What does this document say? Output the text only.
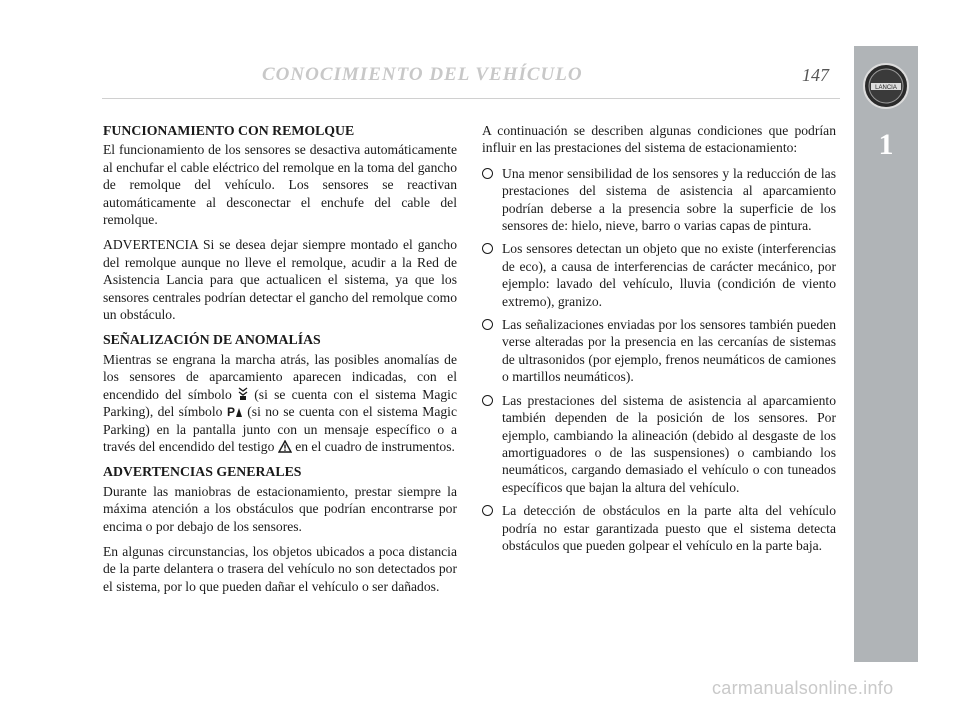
CONOCIMIENTO DEL VEHÍCULO	147
LANCIA
1
FUNCIONAMIENTO CON REMOLQUE

El funcionamiento de los sensores se desactiva automáticamente al enchufar el cable eléctrico del remolque en la toma del gancho de remolque del vehículo. Los sensores se reactivan automáticamente al desconectar el enchufe del cable del remolque.

ADVERTENCIA Si se desea dejar siempre montado el gancho del remolque aunque no lleve el remolque, acudir a la Red de Asistencia Lancia para que actualicen el sistema, ya que los sensores centrales podrían detectar el gancho del remolque como un obstáculo.

SEÑALIZACIÓN DE ANOMALÍAS

Mientras se engrana la marcha atrás, las posibles anomalías de los sensores de aparcamiento aparecen indicadas, con el encendido del símbolo (si se cuenta con el sistema Magic Parking), del símbolo P (si no se cuenta con el sistema Magic Parking) en la pantalla junto con un mensaje específico o a través del encendido del testigo en el cuadro de instrumentos.

ADVERTENCIAS GENERALES

Durante las maniobras de estacionamiento, prestar siempre la máxima atención a los obstáculos que podrían encontrarse por encima o por debajo de los sensores.

En algunas circunstancias, los objetos ubicados a poca distancia de la parte delantera o trasera del vehículo no son detectados por el sistema, por lo que pueden dañar el vehículo o ser dañados.

A continuación se describen algunas condiciones que podrían influir en las prestaciones del sistema de estacionamiento:

Una menor sensibilidad de los sensores y la reducción de las prestaciones del sistema de asistencia al aparcamiento podrían deberse a la presencia sobre la superficie de los sensores de: hielo, nieve, barro o varias capas de pintura.
Los sensores detectan un objeto que no existe (interferencias de eco), a causa de interferencias de carácter mecánico, por ejemplo: lavado del vehículo, lluvia (condición de viento extremo), granizo.
Las señalizaciones enviadas por los sensores también pueden verse alteradas por la presencia en las cercanías de sistemas de ultrasonidos (por ejemplo, frenos neumáticos de camiones o martillos neumáticos).
Las prestaciones del sistema de asistencia al aparcamiento también dependen de la posición de los sensores. Por ejemplo, cambiando la alineación (debido al desgaste de los amortiguadores o de las suspensiones) o cambiando los neumáticos, cargando demasiado el vehículo o con tuneados específicos que bajan la altura del vehículo.
La detección de obstáculos en la parte alta del vehículo podría no estar garantizada puesto que el sistema detecta obstáculos que pueden golpear el vehículo en la parte baja.
carmanualsonline.info
